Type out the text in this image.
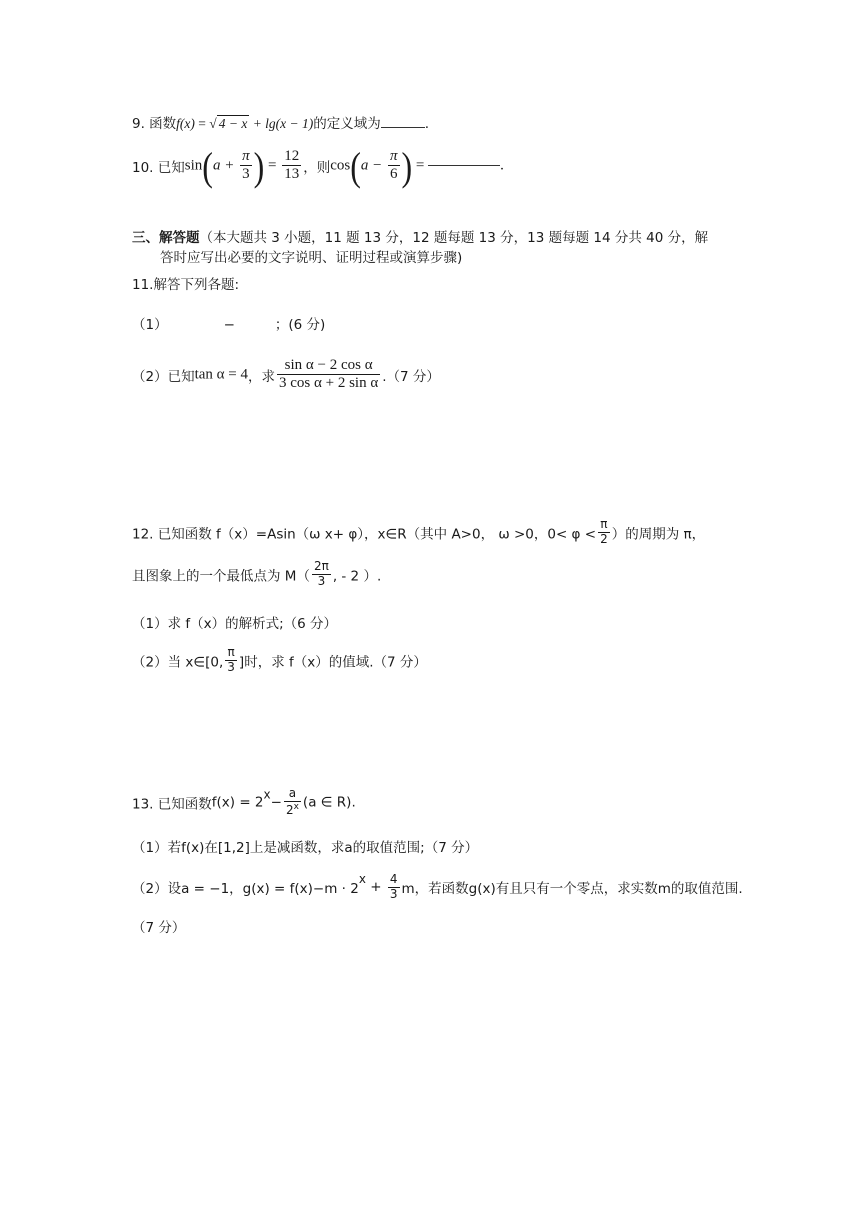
9. 函数f(x) = √ 4 − x + lg(x − 1)的定义域为	.
10. 已知$\sin(a + \frac{\pi}{3}$ ) = $\frac{12}{13}$ ，则$\cos(a - \frac{\pi}{6}$ ) =	.
三、解答题（本大题共 3 小题，11 题 13 分，12 题每题 13 分，13 题每题 14 分共 40 分，解
答时应写出必要的文字说明、证明过程或演算步骤)
11.解答下列各题:
（1）	−	；(6 分)
（2）已知tan α = 4，求 $\frac{\text{sin α − 2 cos α}}{\text{3 cos α + 2 sin α}} .(7$ 分）
12. 已知函数 f（x）=Asin（ω x+ φ），x∈R（其中 A>0， ω >0，$0< \varphi < \frac{\pi}{2}$ ）的周期为 π，
且图象上的一个最低点为 $M( \frac{2\pi}{3}$ , - 2 ）.
（1）求 f（x）的解析式;（6 分）
（2）当 x∈[0, $\frac{\pi}{3}$ ]时，求 f（x）的值域.（7 分）
13. 已知函数$f(x) = 2^x- \frac{a}{2^x} (a$ ∈ R).
（1）若f(x)在[1,2]上是减函数，求a的取值范围;（7 分）
（2）设a = −1，$g(x) = f(x)-m \cdot 2^x + \frac{4}{3}$ m，若函数g(x)有且只有一个零点，求实数m的取值范围.
（7 分）
